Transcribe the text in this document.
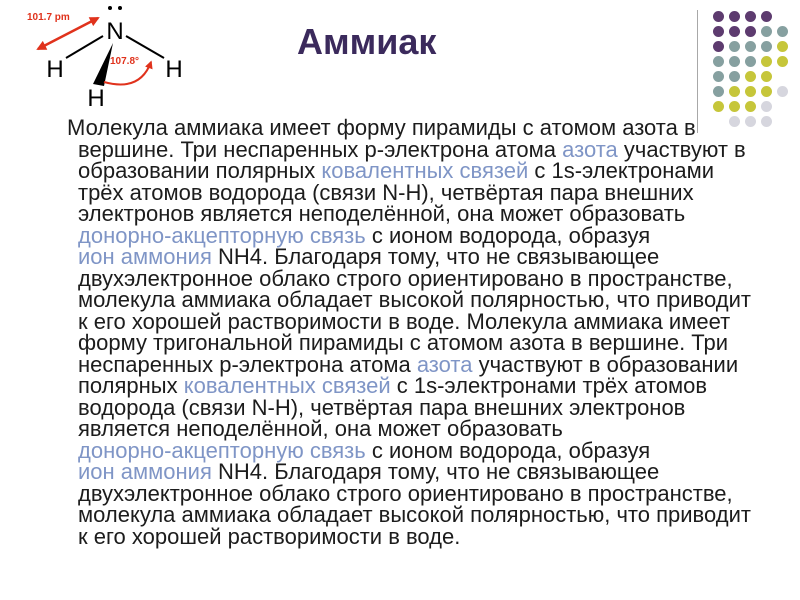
101.7 pm
N
H	H
H
107.8°	Аммиак
Молекула аммиака имеет форму пирамиды с атомом азота в
вершине. Три неспаренных р-электрона атома азота участвуют в
образовании полярных ковалентных связей с 1s-электронами
трёх атомов водорода (связи N-H), четвёртая пара внешних
электронов является неподелённой, она может образовать
донорно-акцепторную связь с ионом водорода, образуя
ион аммония NH4. Благодаря тому, что не связывающее
двухэлектронное облако строго ориентировано в пространстве,
молекула аммиака обладает высокой полярностью, что приводит
к его хорошей растворимости в воде. Молекула аммиака имеет
форму тригональной пирамиды с атомом азота в вершине. Три
неспаренных р-электрона атома азота участвуют в образовании
полярных ковалентных связей с 1s-электронами трёх атомов
водорода (связи N-H), четвёртая пара внешних электронов
является неподелённой, она может образовать
донорно-акцепторную связь с ионом водорода, образуя
ион аммония NH4. Благодаря тому, что не связывающее
двухэлектронное облако строго ориентировано в пространстве,
молекула аммиака обладает высокой полярностью, что приводит
к его хорошей растворимости в воде.
